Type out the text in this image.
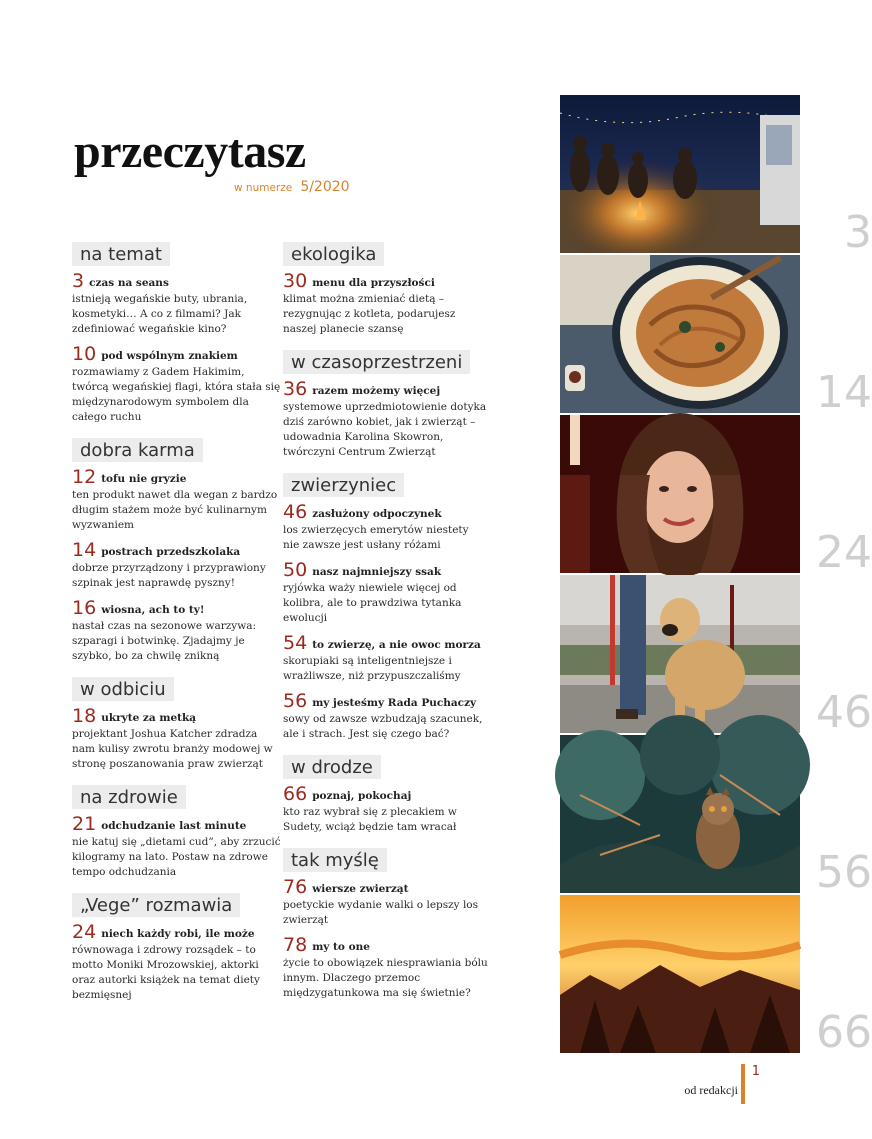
przeczytasz
w numerze 5/2020
na temat
3 czas na seans
istnieją wegańskie buty, ubrania, kosmetyki… A co z filmami? Jak zdefiniować wegańskie kino?
10 pod wspólnym znakiem
rozmawiamy z Gadem Hakimim, twórcą wegańskiej flagi, która stała się międzynarodowym symbolem dla całego ruchu
dobra karma
12 tofu nie gryzie
ten produkt nawet dla wegan z bardzo długim stażem może być kulinarnym wyzwaniem
14 postrach przedszkolaka
dobrze przyrządzony i przyprawiony szpinak jest naprawdę pyszny!
16 wiosna, ach to ty!
nastał czas na sezonowe warzywa: szparagi i botwinkę. Zjadajmy je szybko, bo za chwilę znikną
w odbiciu
18 ukryte za metką
projektant Joshua Katcher zdradza nam kulisy zwrotu branży modowej w stronę poszanowania praw zwierząt
na zdrowie
21 odchudzanie last minute
nie katuj się „dietami cud”, aby zrzucić kilogramy na lato. Postaw na zdrowe tempo odchudzania
„Vege” rozmawia
24 niech każdy robi, ile może
równowaga i zdrowy rozsądek – to motto Moniki Mrozowskiej, aktorki oraz autorki książek na temat diety bezmięsnej
ekologika
30 menu dla przyszłości
klimat można zmieniać dietą – rezygnując z kotleta, podarujesz naszej planecie szansę
w czasoprzestrzeni
36 razem możemy więcej
systemowe uprzedmiotowienie dotyka dziś zarówno kobiet, jak i zwierząt – udowadnia Karolina Skowron, twórczyni Centrum Zwierząt
zwierzyniec
46 zasłużony odpoczynek
los zwierzęcych emerytów niestety nie zawsze jest usłany różami
50 nasz najmniejszy ssak
ryjówka waży niewiele więcej od kolibra, ale to prawdziwa tytanka ewolucji
54 to zwierzę, a nie owoc morza
skorupiaki są inteligentniejsze i wrażliwsze, niż przypuszczaliśmy
56 my jesteśmy Rada Puchaczy
sowy od zawsze wzbudzają szacunek, ale i strach. Jest się czego bać?
w drodze
66 poznaj, pokochaj
kto raz wybrał się z plecakiem w Sudety, wciąż będzie tam wracał
tak myślę
76 wiersze zwierząt
poetyckie wydanie walki o lepszy los zwierząt
78 my to one
życie to obowiązek niesprawiania bólu innym. Dlaczego przemoc międzygatunkowa ma się świetnie?
3
14
24
46
56
66
od redakcji
1
